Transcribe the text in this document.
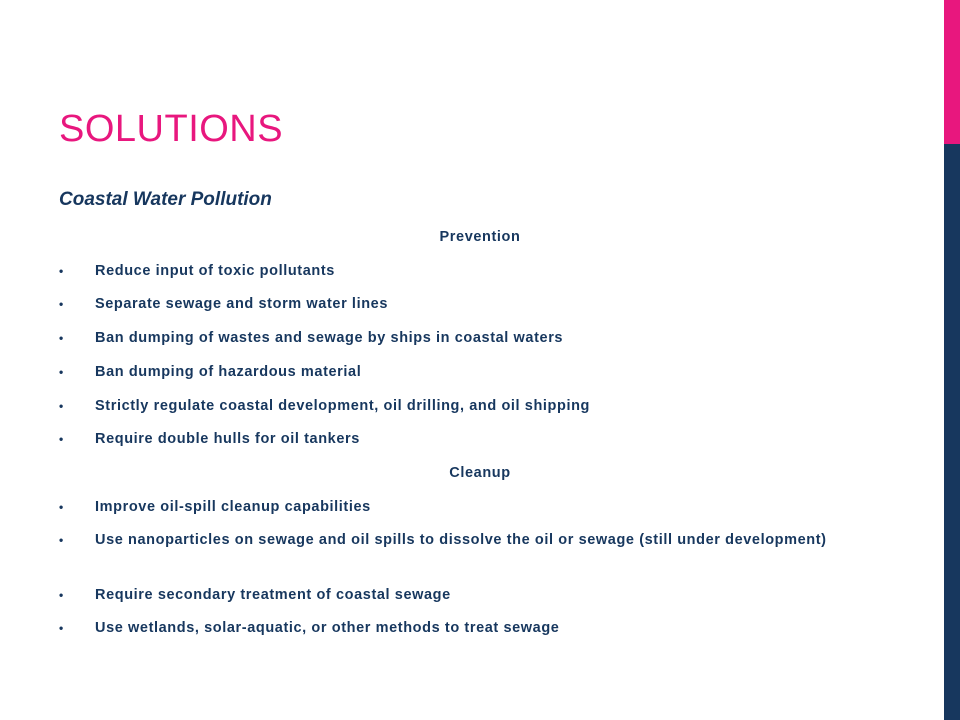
SOLUTIONS
Coastal Water Pollution
Prevention
•	Reduce input of toxic pollutants
•	Separate sewage and storm water lines
•	Ban dumping of wastes and sewage by ships in coastal waters
•	Ban dumping of hazardous material
•	Strictly regulate coastal development, oil drilling, and oil shipping
•	Require double hulls for oil tankers
Cleanup
•	Improve oil-spill cleanup capabilities
•	Use nanoparticles on sewage and oil spills to dissolve the oil or sewage (still under development)
•	Require secondary treatment of coastal sewage
•	Use wetlands, solar-aquatic, or other methods to treat sewage
